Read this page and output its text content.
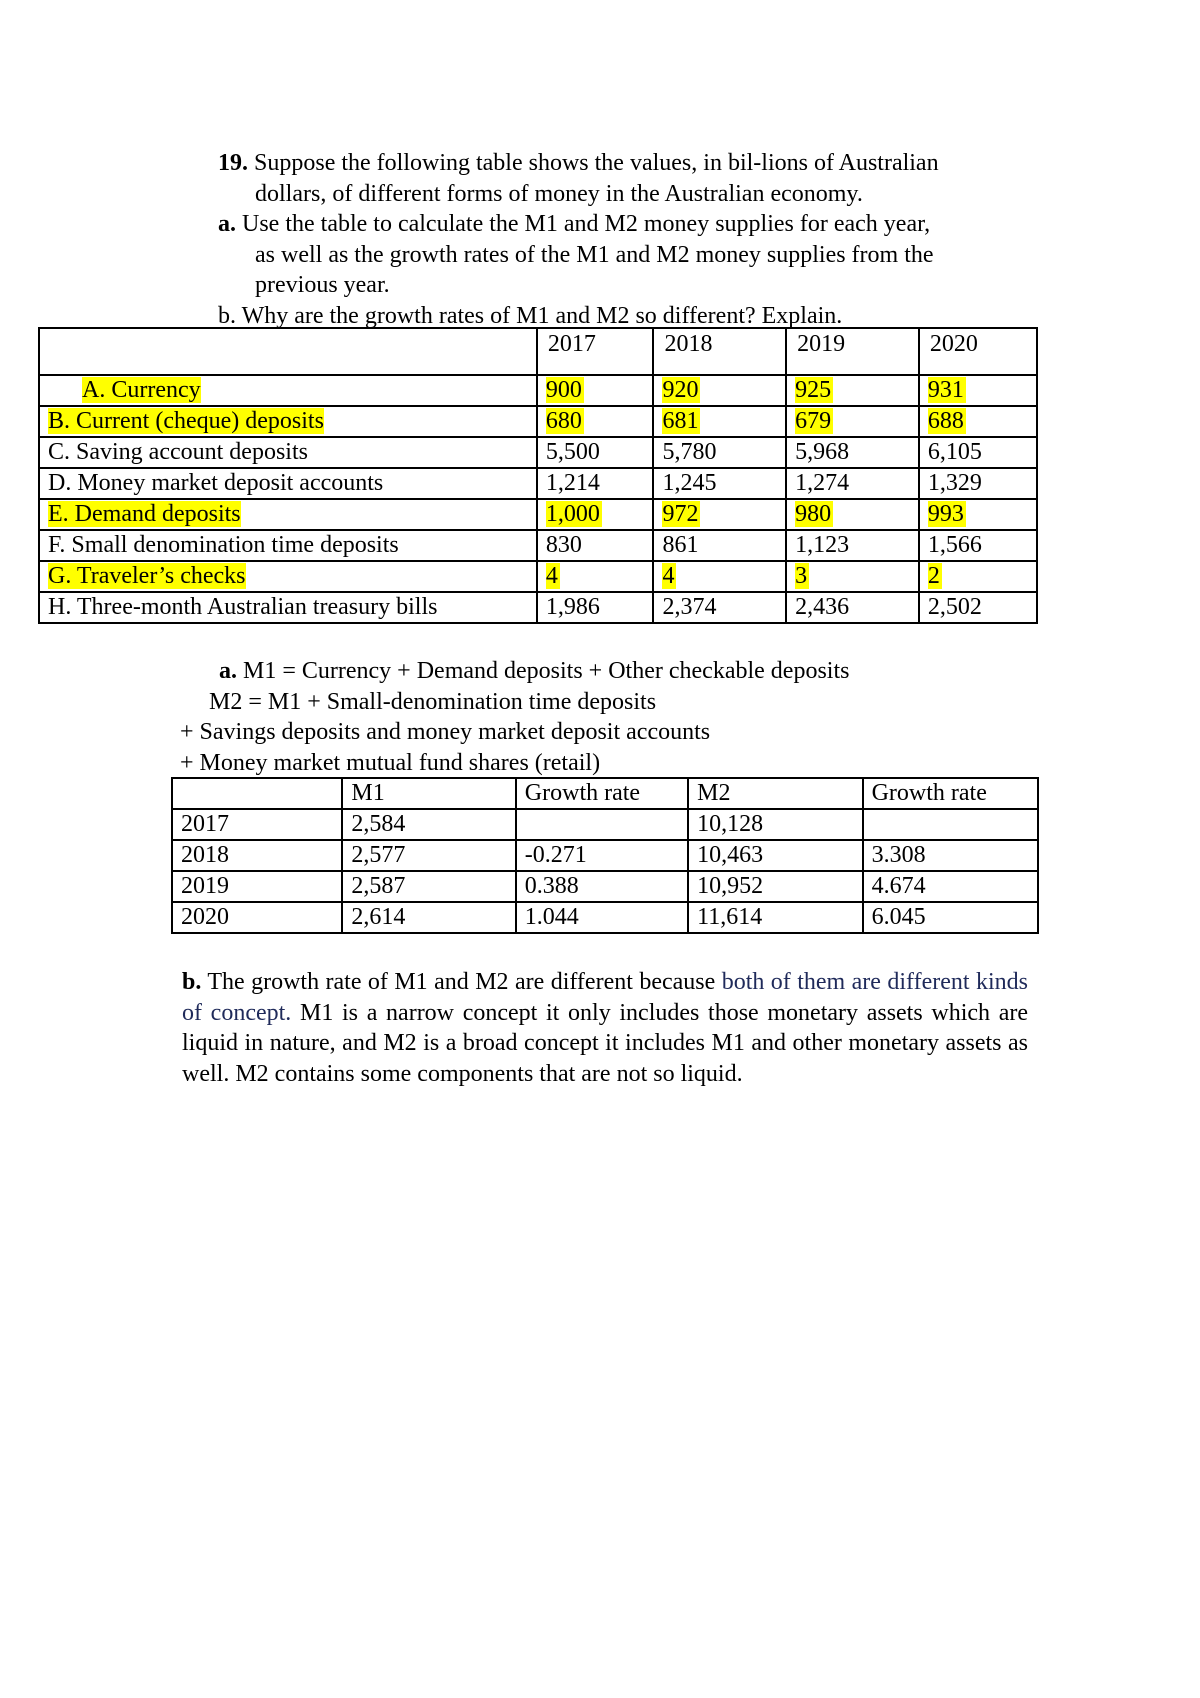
19. Suppose the following table shows the values, in bil-lions of Australian

dollars, of different forms of money in the Australian economy.

a. Use the table to calculate the M1 and M2 money supplies for each year,

as well as the growth rates of the M1 and M2 money supplies from the

previous year.

b. Why are the growth rates of M1 and M2 so different? Explain.

	2017	2018	2019	2020
A. Currency	900	920	925	931
B. Current (cheque) deposits	680	681	679	688
C. Saving account deposits	5,500	5,780	5,968	6,105
D. Money market deposit accounts	1,214	1,245	1,274	1,329
E. Demand deposits	1,000	972	980	993
F. Small denomination time deposits	830	861	1,123	1,566
G. Traveler’s checks	4	4	3	2
H. Three-month Australian treasury bills	1,986	2,374	2,436	2,502

a. M1 = Currency + Demand deposits + Other checkable deposits

M2 = M1 + Small-denomination time deposits

+ Savings deposits and money market deposit accounts

+ Money market mutual fund shares (retail)

	M1	Growth rate	M2	Growth rate
2017	2,584		10,128	
2018	2,577	-0.271	10,463	3.308
2019	2,587	0.388	10,952	4.674
2020	2,614	1.044	11,614	6.045
b. The growth rate of M1 and M2 are different because both of them are different kinds of concept. M1 is a narrow concept it only includes those monetary assets which are liquid in nature, and M2 is a broad concept it includes M1 and other monetary assets as well. M2 contains some components that are not so liquid.
